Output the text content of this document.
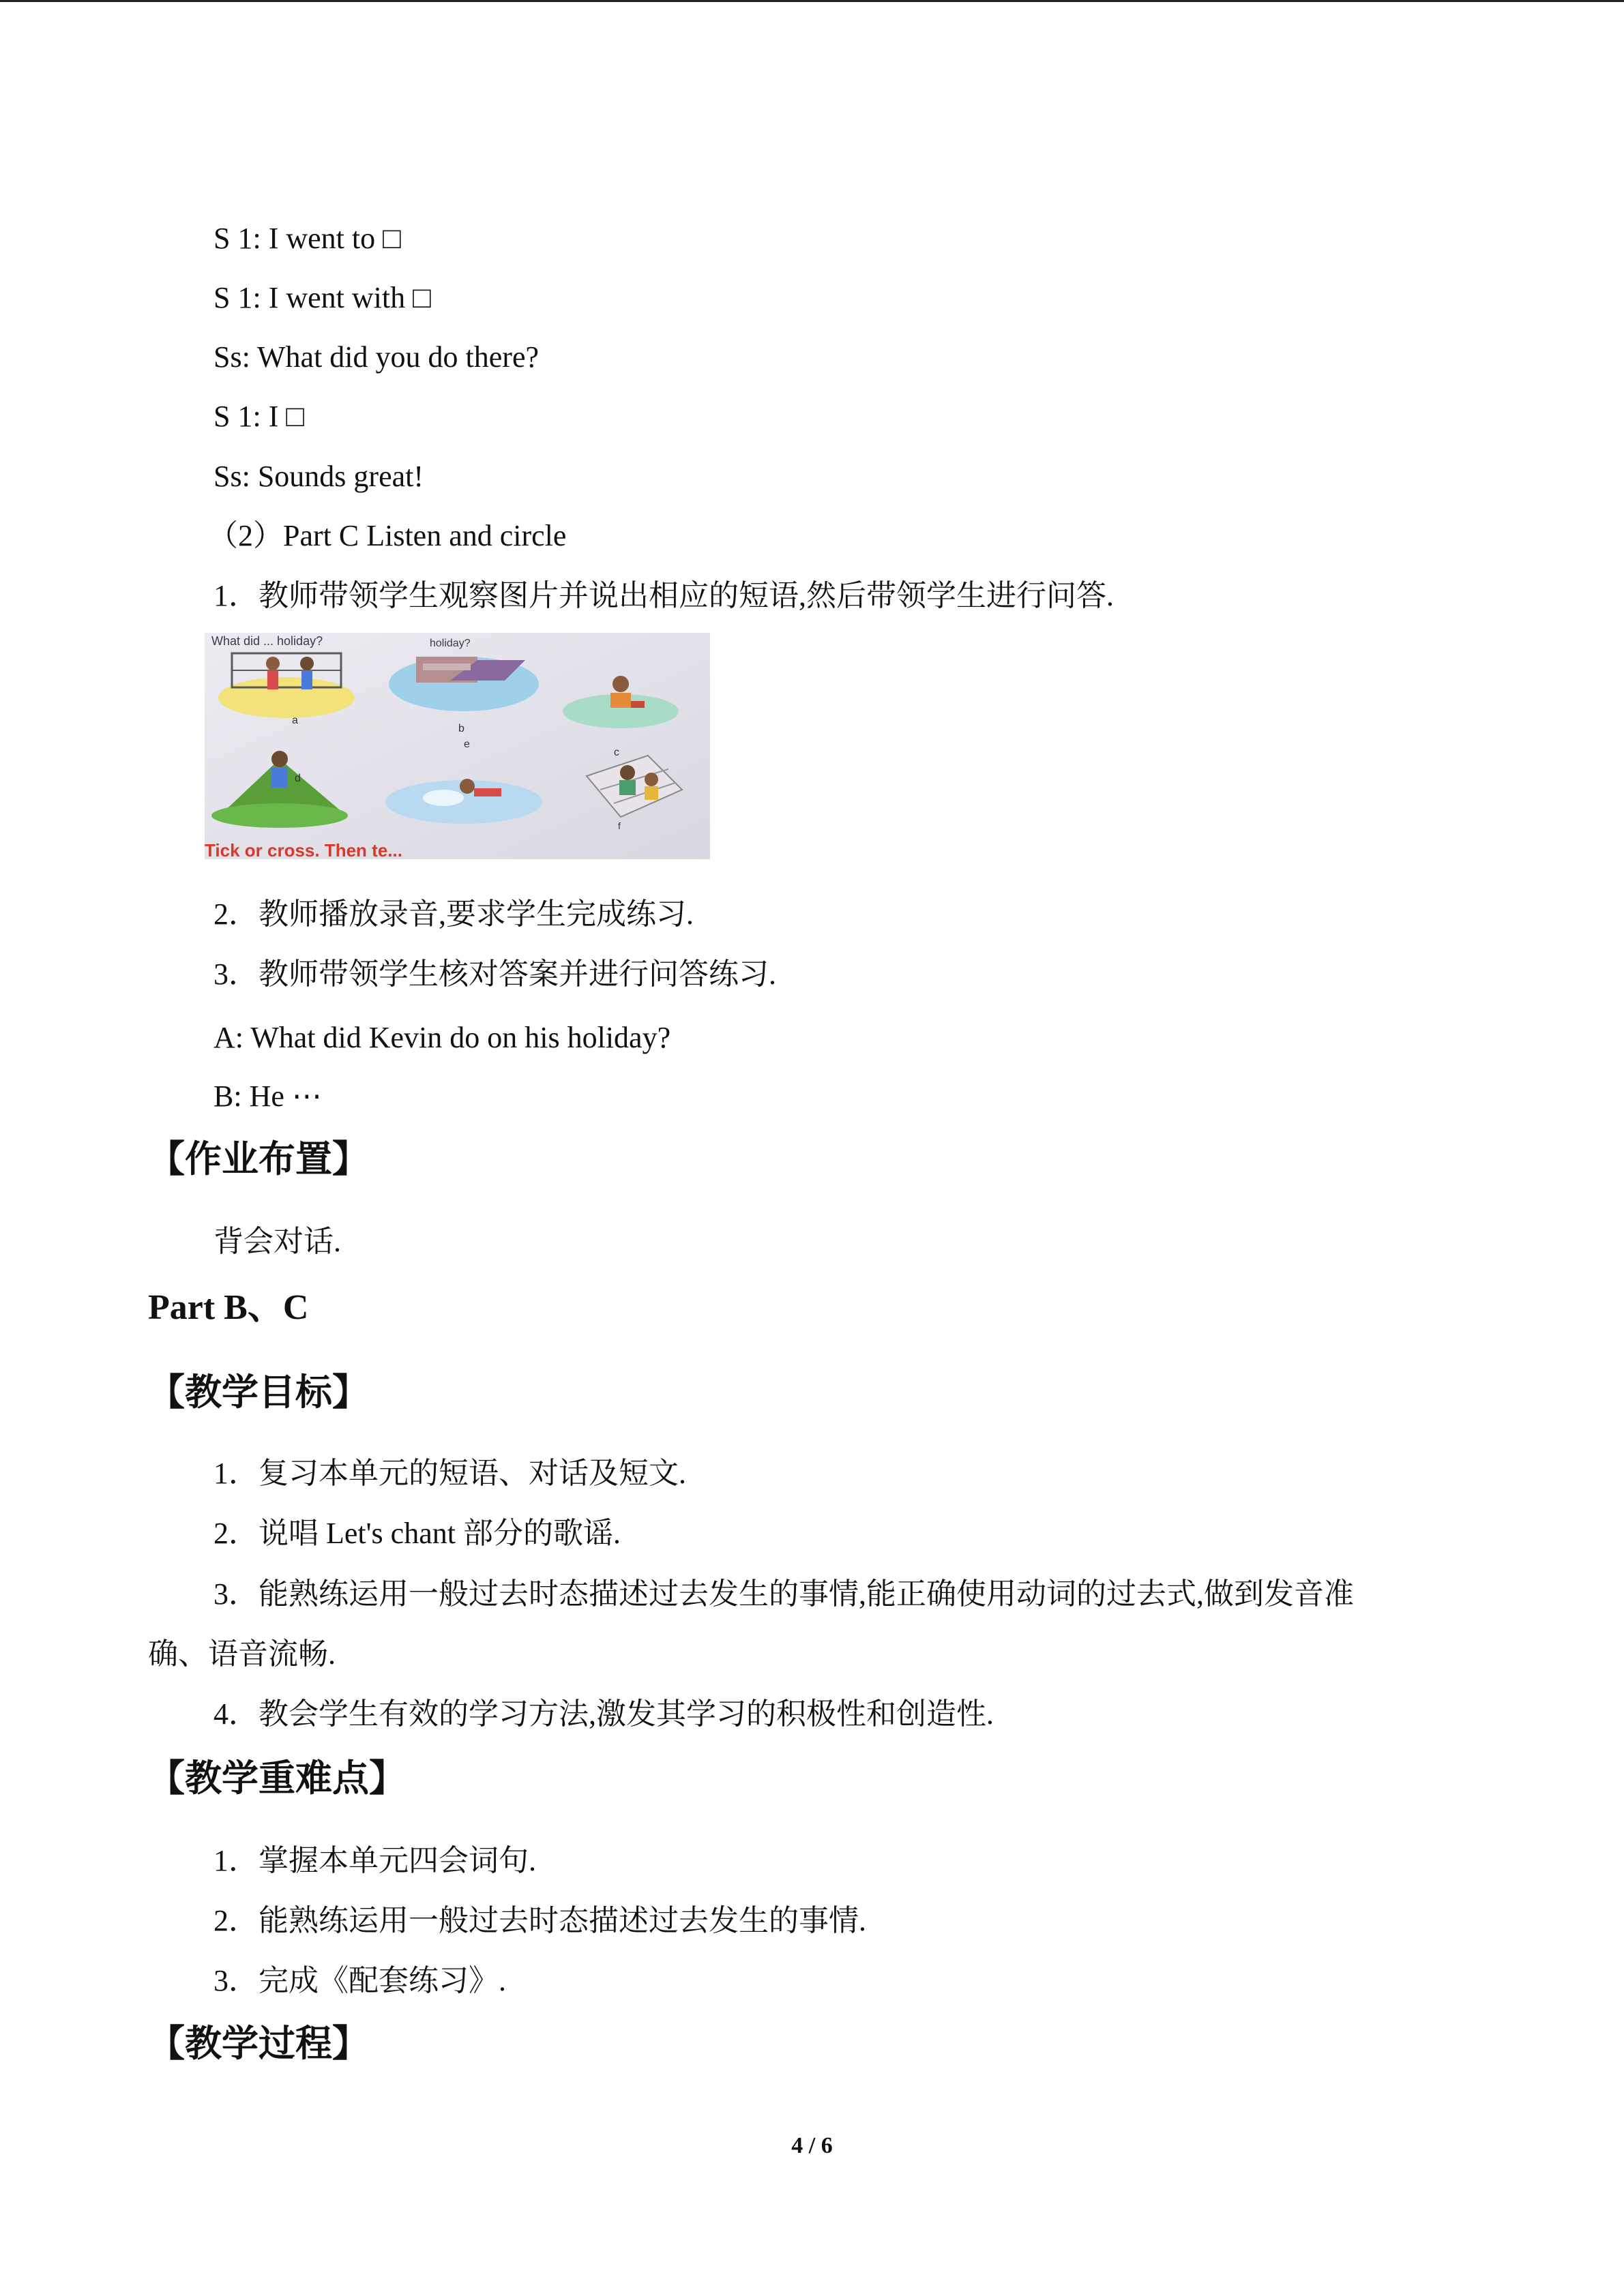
S 1: I went to □
S 1: I went with □
Ss: What did you do there?
S 1: I □
Ss: Sounds great!
（2）Part C Listen and circle
1．教师带领学生观察图片并说出相应的短语,然后带领学生进行问答.
What did ... holiday?
a
holiday?
b
c
d
e
f
Tick or cross. Then te...
2．教师播放录音,要求学生完成练习.
3．教师带领学生核对答案并进行问答练习.
A: What did Kevin do on his holiday?
B: He ⋯
【作业布置】
背会对话.
Part B、C
【教学目标】
1．复习本单元的短语、对话及短文.
2．说唱 Let's chant 部分的歌谣.
3．能熟练运用一般过去时态描述过去发生的事情,能正确使用动词的过去式,做到发音准
确、语音流畅.
4．教会学生有效的学习方法,激发其学习的积极性和创造性.
【教学重难点】
1．掌握本单元四会词句.
2．能熟练运用一般过去时态描述过去发生的事情.
3．完成《配套练习》.
【教学过程】
4 / 6
